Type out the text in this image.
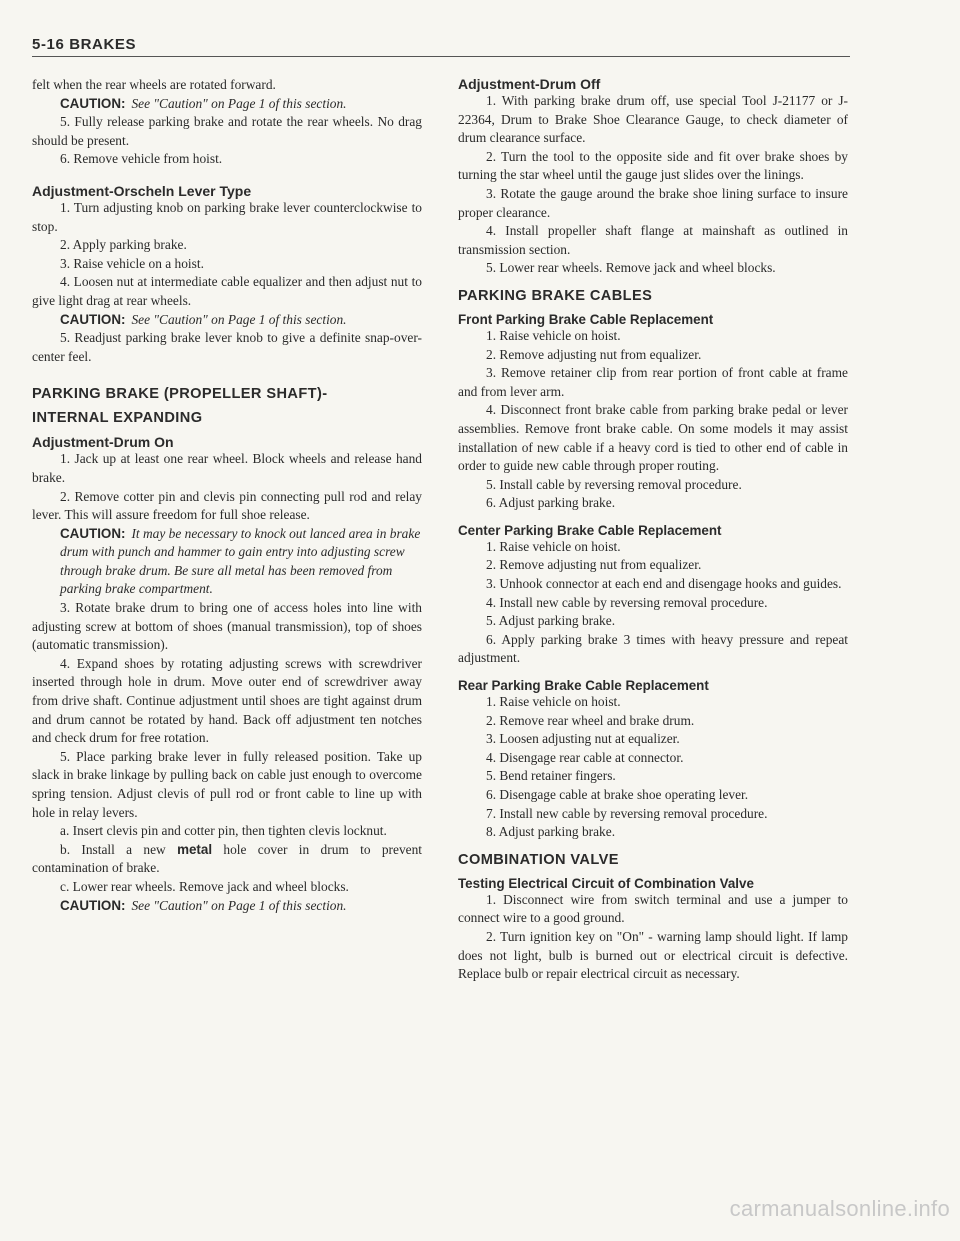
5-16 BRAKES

felt when the rear wheels are rotated forward.

CAUTION: See "Caution" on Page 1 of this section.

5. Fully release parking brake and rotate the rear wheels. No drag should be present.

6. Remove vehicle from hoist.

Adjustment-Orscheln Lever Type

1. Turn adjusting knob on parking brake lever counterclockwise to stop.

2. Apply parking brake.

3. Raise vehicle on a hoist.

4. Loosen nut at intermediate cable equalizer and then adjust nut to give light drag at rear wheels.

CAUTION: See "Caution" on Page 1 of this section.

5. Readjust parking brake lever knob to give a definite snap-over-center feel.

PARKING BRAKE (PROPELLER SHAFT)-

INTERNAL EXPANDING

Adjustment-Drum On

1. Jack up at least one rear wheel. Block wheels and release hand brake.

2. Remove cotter pin and clevis pin connecting pull rod and relay lever. This will assure freedom for full shoe release.

CAUTION: It may be necessary to knock out lanced area in brake drum with punch and hammer to gain entry into adjusting screw through brake drum. Be sure all metal has been removed from parking brake compartment.

3. Rotate brake drum to bring one of access holes into line with adjusting screw at bottom of shoes (manual transmission), top of shoes (automatic transmission).

4. Expand shoes by rotating adjusting screws with screwdriver inserted through hole in drum. Move outer end of screwdriver away from drive shaft. Continue adjustment until shoes are tight against drum and drum cannot be rotated by hand. Back off adjustment ten notches and check drum for free rotation.

5. Place parking brake lever in fully released position. Take up slack in brake linkage by pulling back on cable just enough to overcome spring tension. Adjust clevis of pull rod or front cable to line up with hole in relay levers.

a. Insert clevis pin and cotter pin, then tighten clevis locknut.

b. Install a new metal hole cover in drum to prevent contamination of brake.

c. Lower rear wheels. Remove jack and wheel blocks.

CAUTION: See "Caution" on Page 1 of this section.

Adjustment-Drum Off

1. With parking brake drum off, use special Tool J-21177 or J-22364, Drum to Brake Shoe Clearance Gauge, to check diameter of drum clearance surface.

2. Turn the tool to the opposite side and fit over brake shoes by turning the star wheel until the gauge just slides over the linings.

3. Rotate the gauge around the brake shoe lining surface to insure proper clearance.

4. Install propeller shaft flange at mainshaft as outlined in transmission section.

5. Lower rear wheels. Remove jack and wheel blocks.

PARKING BRAKE CABLES

Front Parking Brake Cable Replacement

1. Raise vehicle on hoist.

2. Remove adjusting nut from equalizer.

3. Remove retainer clip from rear portion of front cable at frame and from lever arm.

4. Disconnect front brake cable from parking brake pedal or lever assemblies. Remove front brake cable. On some models it may assist installation of new cable if a heavy cord is tied to other end of cable in order to guide new cable through proper routing.

5. Install cable by reversing removal procedure.

6. Adjust parking brake.

Center Parking Brake Cable Replacement

1. Raise vehicle on hoist.

2. Remove adjusting nut from equalizer.

3. Unhook connector at each end and disengage hooks and guides.

4. Install new cable by reversing removal procedure.

5. Adjust parking brake.

6. Apply parking brake 3 times with heavy pressure and repeat adjustment.

Rear Parking Brake Cable Replacement

1. Raise vehicle on hoist.

2. Remove rear wheel and brake drum.

3. Loosen adjusting nut at equalizer.

4. Disengage rear cable at connector.

5. Bend retainer fingers.

6. Disengage cable at brake shoe operating lever.

7. Install new cable by reversing removal procedure.

8. Adjust parking brake.

COMBINATION VALVE

Testing Electrical Circuit of Combination Valve

1. Disconnect wire from switch terminal and use a jumper to connect wire to a good ground.

2. Turn ignition key on "On" - warning lamp should light. If lamp does not light, bulb is burned out or electrical circuit is defective. Replace bulb or repair electrical circuit as necessary.

carmanualsonline.info
